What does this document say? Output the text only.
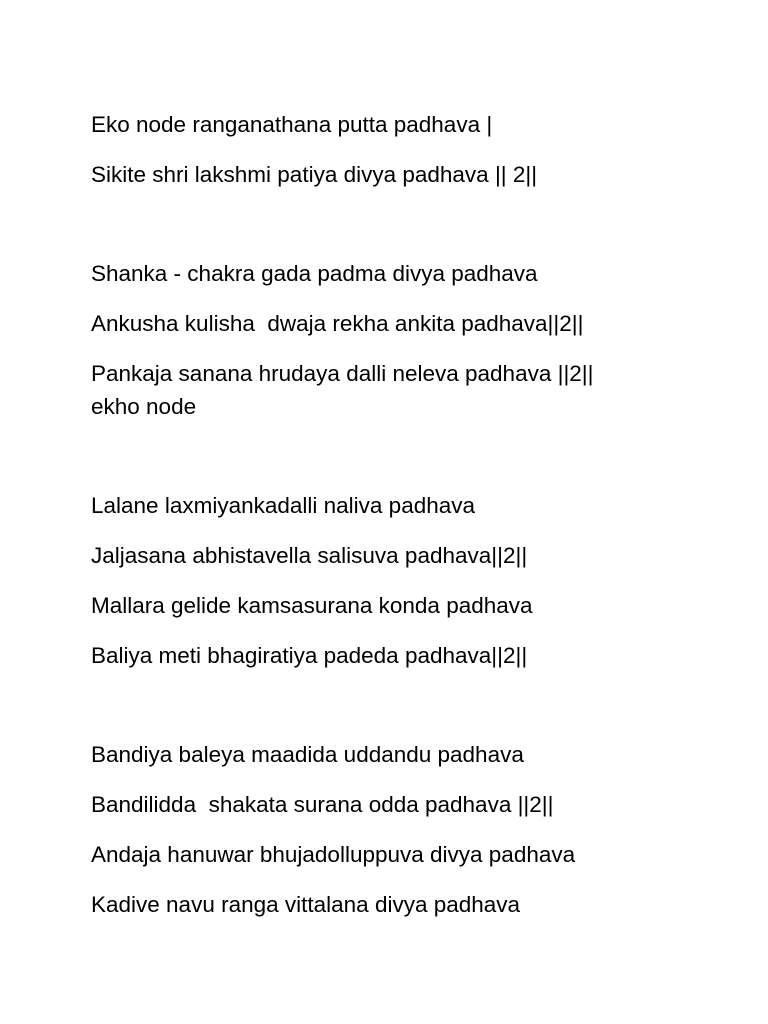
Eko node ranganathana putta padhava |
Sikite shri lakshmi patiya divya padhava || 2||
Shanka - chakra gada padma divya padhava
Ankusha kulisha  dwaja rekha ankita padhava||2||
Pankaja sanana hrudaya dalli neleva padhava ||2||
ekho node
Lalane laxmiyankadalli naliva padhava
Jaljasana abhistavella salisuva padhava||2||
Mallara gelide kamsasurana konda padhava
Baliya meti bhagiratiya padeda padhava||2||
Bandiya baleya maadida uddandu padhava
Bandilidda  shakata surana odda padhava ||2||
Andaja hanuwar bhujadolluppuva divya padhava
Kadive navu ranga vittalana divya padhava
